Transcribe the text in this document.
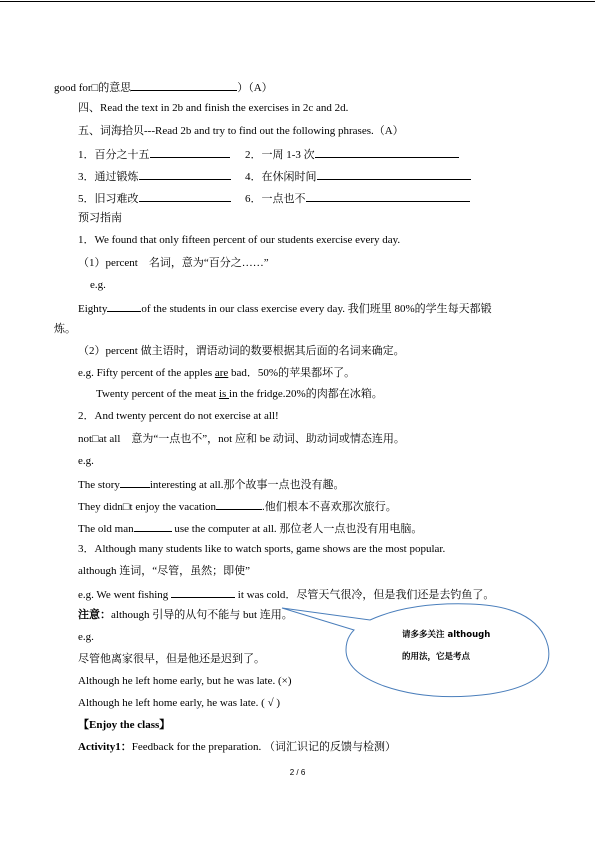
good for□的意思	）（A）
四、Read the text in 2b and finish the exercises in 2c and 2d.
五、词海拾贝---Read 2b and try to find out the following phrases.（A）
1．百分之十五	2．一周 1-3 次
3．通过锻炼	4．在休闲时间
5．旧习难改	6．一点也不
预习指南
1．We found that only fifteen percent of our students exercise every day.
（1）percent　名词，意为“百分之……”
e.g.
Eighty	of the students in our class exercise every day. 我们班里 80%的学生每天都锻
炼。
（2）percent 做主语时，谓语动词的数要根据其后面的名词来确定。
e.g. Fifty percent of the apples are bad．50%的苹果都坏了。
Twenty percent of the meat is in the fridge.20%的肉都在冰箱。
2．And twenty percent do not exercise at all!
not□at all　意为“一点也不”，not 应和 be 动词、助动词或情态连用。
e.g.
The story	interesting at all.那个故事一点也没有趣。
They didn□t enjoy the vacation	.他们根本不喜欢那次旅行。
The old man	use the computer at all. 那位老人一点也没有用电脑。
3．Although many students like to watch sports, game shows are the most popular.
although 连词，“尽管，虽然；即使”
e.g. We went fishing	it was cold．尽管天气很冷，但是我们还是去钓鱼了。
注意：although 引导的从句不能与 but 连用。
e.g.
尽管他离家很早，但是他还是迟到了。
Although he left home early, but he was late. (×)
Although he left home early, he was late. ( √ )
【Enjoy the class】
Activity1：Feedback for the preparation. （词汇识记的反馈与检测）
请多多关注 although
的用法，它是考点
2 / 6
